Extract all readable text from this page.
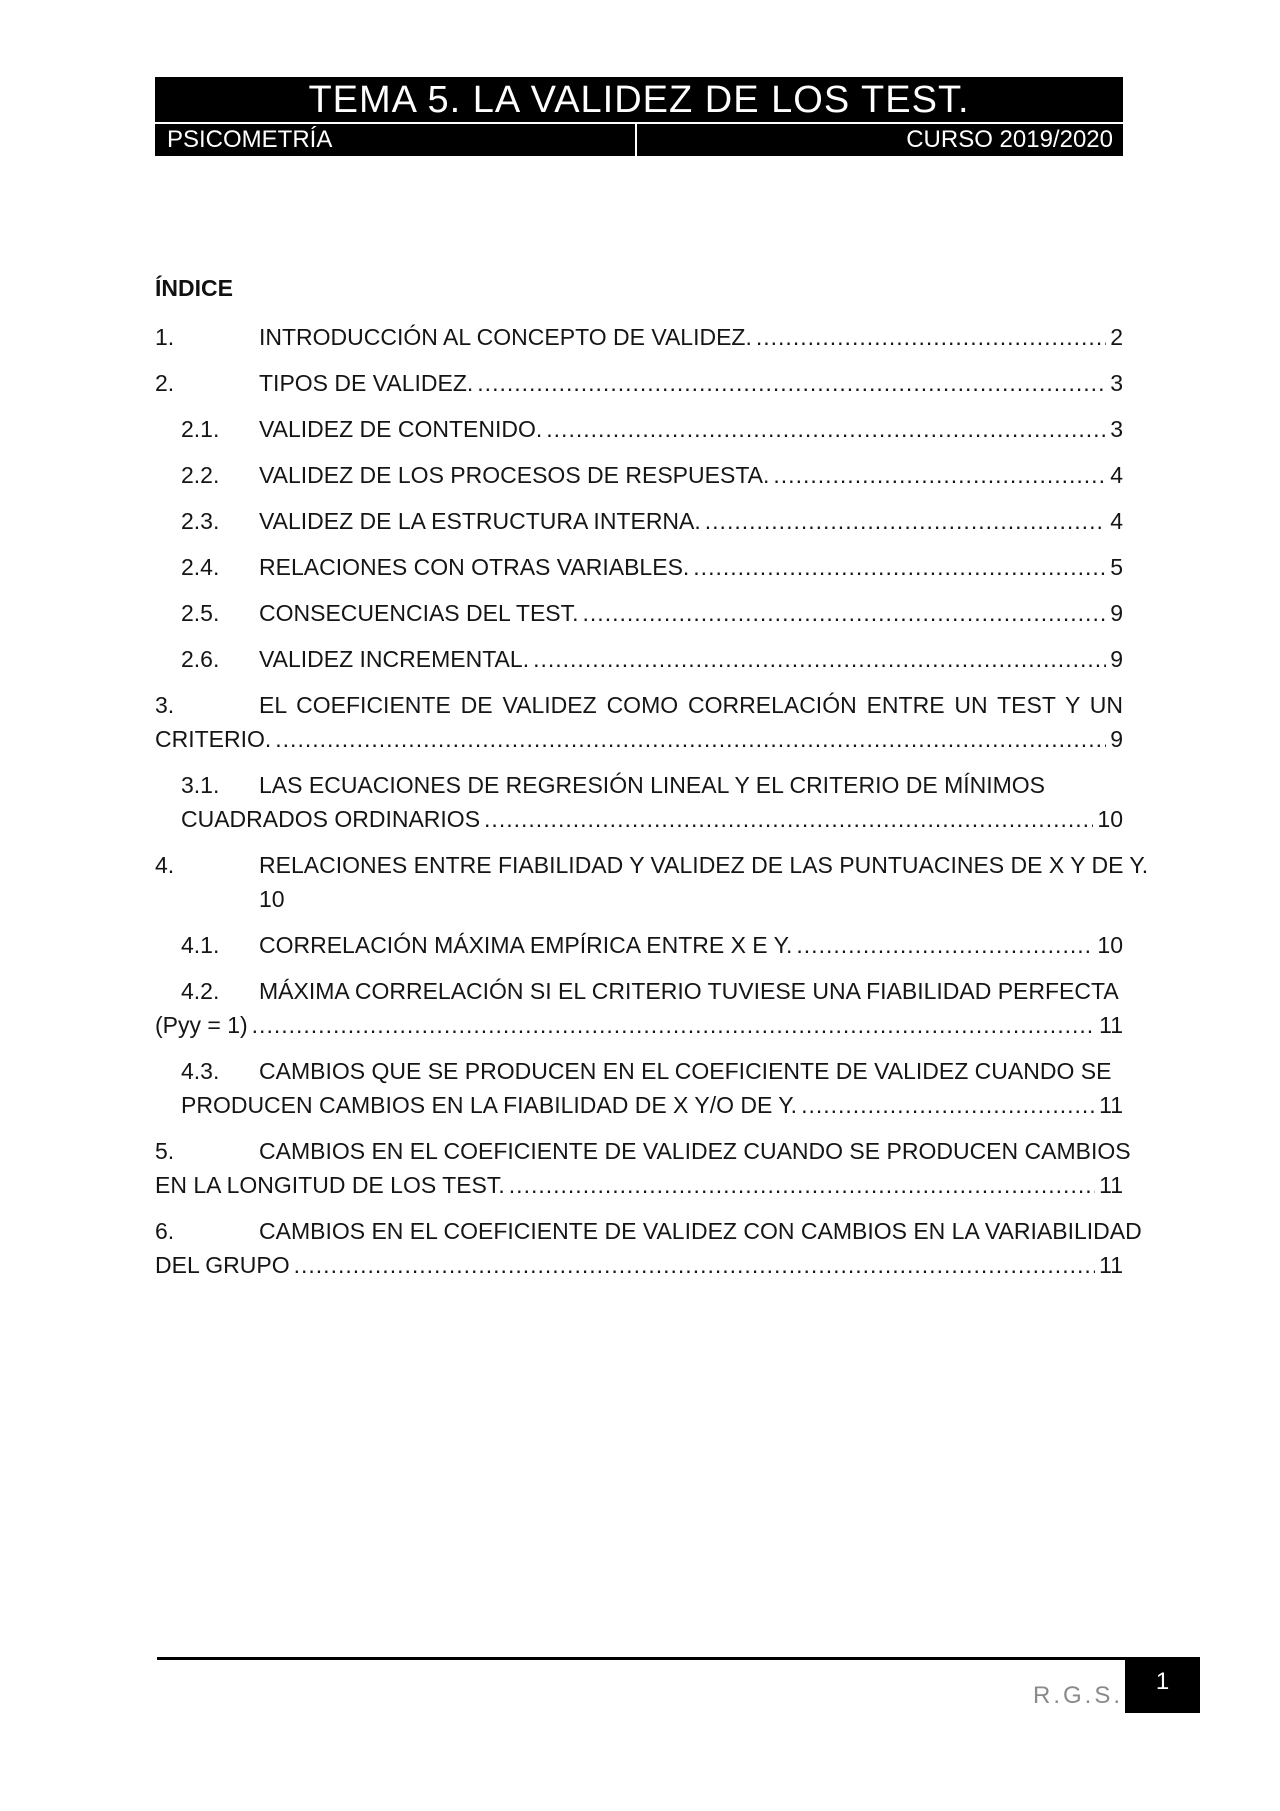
TEMA 5. LA VALIDEZ DE LOS TEST.
PSICOMETRÍA	CURSO 2019/2020
ÍNDICE
1.	INTRODUCCIÓN AL CONCEPTO DE VALIDEZ. .....	2
2.	TIPOS DE VALIDEZ. .....	3
2.1.	VALIDEZ DE CONTENIDO. .....	3
2.2.	VALIDEZ DE LOS PROCESOS DE RESPUESTA. .....	4
2.3.	VALIDEZ DE LA ESTRUCTURA INTERNA. .....	4
2.4.	RELACIONES CON OTRAS VARIABLES. .....	5
2.5.	CONSECUENCIAS DEL TEST. .....	9
2.6.	VALIDEZ INCREMENTAL. .....	9
3.	EL COEFICIENTE DE VALIDEZ COMO CORRELACIÓN ENTRE UN TEST Y UN
CRITERIO. .....	9
3.1.	LAS ECUACIONES DE REGRESIÓN LINEAL Y EL CRITERIO DE MÍNIMOS
CUADRADOS ORDINARIOS .....	10
4.	RELACIONES ENTRE FIABILIDAD Y VALIDEZ DE LAS PUNTUACINES DE X Y DE Y.
10
4.1.	CORRELACIÓN MÁXIMA EMPÍRICA ENTRE X E Y. .....	10
4.2.	MÁXIMA CORRELACIÓN SI EL CRITERIO TUVIESE UNA FIABILIDAD PERFECTA
(Pyy = 1) .....	11
4.3.	CAMBIOS QUE SE PRODUCEN EN EL COEFICIENTE DE VALIDEZ CUANDO SE
PRODUCEN CAMBIOS EN LA FIABILIDAD DE X Y/O DE Y. .....	11
5.	CAMBIOS EN EL COEFICIENTE DE VALIDEZ CUANDO SE PRODUCEN CAMBIOS
EN LA LONGITUD DE LOS TEST. .....	11
6.	CAMBIOS EN EL COEFICIENTE DE VALIDEZ CON CAMBIOS EN LA VARIABILIDAD
DEL GRUPO .....	11
R.G.S.
1
